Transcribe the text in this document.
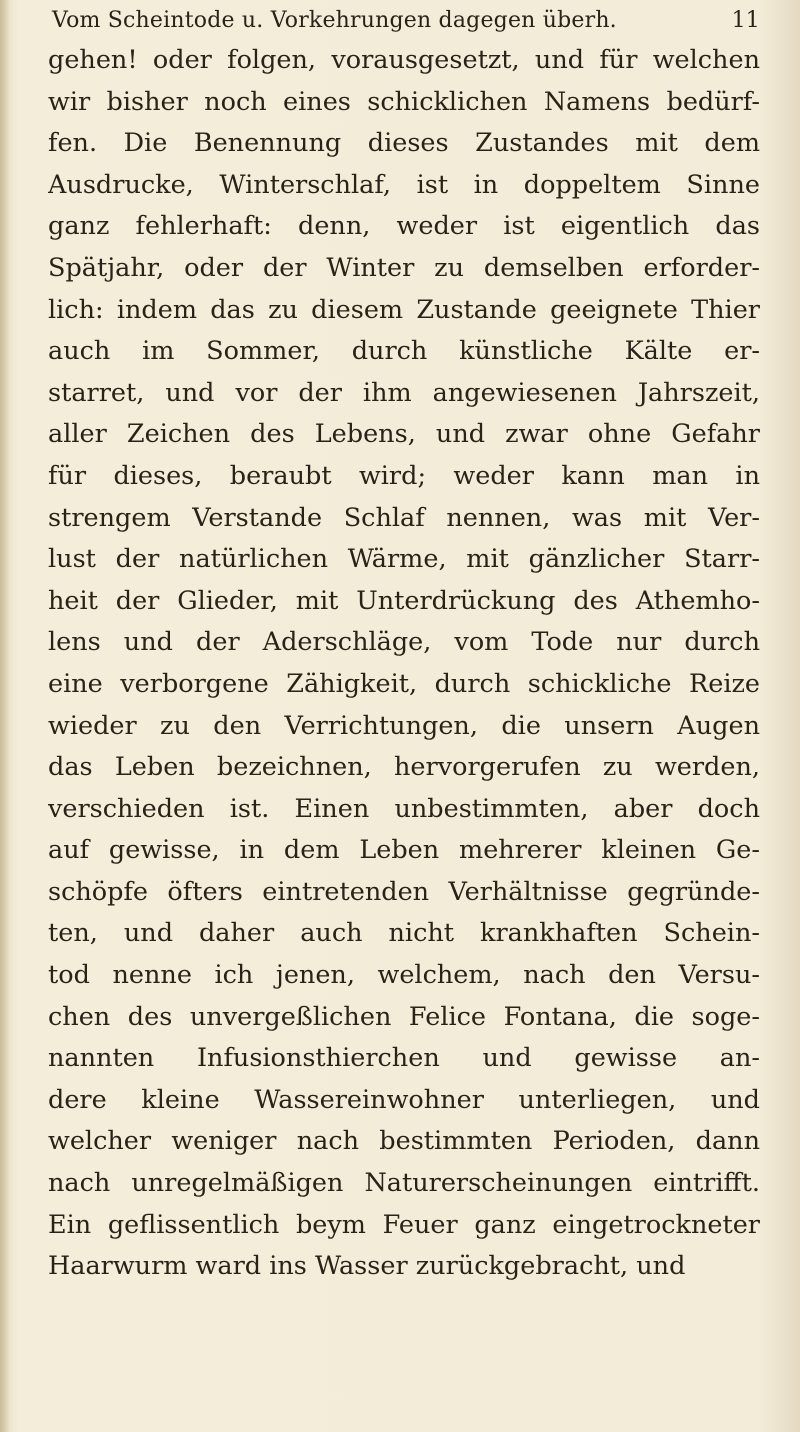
Vom Scheintode u. Vorkehrungen dagegen überh.	11
gehen! oder folgen, vorausgesetzt, und für welchen
wir bisher noch eines schicklichen Namens bedürf-
fen. Die Benennung dieses Zustandes mit dem
Ausdrucke, Winterschlaf, ist in doppeltem Sinne
ganz fehlerhaft: denn, weder ist eigentlich das
Spätjahr, oder der Winter zu demselben erforder-
lich: indem das zu diesem Zustande geeignete Thier
auch im Sommer, durch künstliche Kälte er-
starret, und vor der ihm angewiesenen Jahrszeit,
aller Zeichen des Lebens, und zwar ohne Gefahr
für dieses, beraubt wird; weder kann man in
strengem Verstande Schlaf nennen, was mit Ver-
lust der natürlichen Wärme, mit gänzlicher Starr-
heit der Glieder, mit Unterdrückung des Athemho-
lens und der Aderschläge, vom Tode nur durch
eine verborgene Zähigkeit, durch schickliche Reize
wieder zu den Verrichtungen, die unsern Augen
das Leben bezeichnen, hervorgerufen zu werden,
verschieden ist. Einen unbestimmten, aber doch
auf gewisse, in dem Leben mehrerer kleinen Ge-
schöpfe öfters eintretenden Verhältnisse gegründe-
ten, und daher auch nicht krankhaften Schein-
tod nenne ich jenen, welchem, nach den Versu-
chen des unvergeßlichen Felice Fontana, die soge-
nannten Infusionsthierchen und gewisse an-
dere kleine Wassereinwohner unterliegen, und
welcher weniger nach bestimmten Perioden, dann
nach unregelmäßigen Naturerscheinungen eintrifft.
Ein geflissentlich beym Feuer ganz eingetrockneter
Haarwurm ward ins Wasser zurückgebracht, und
